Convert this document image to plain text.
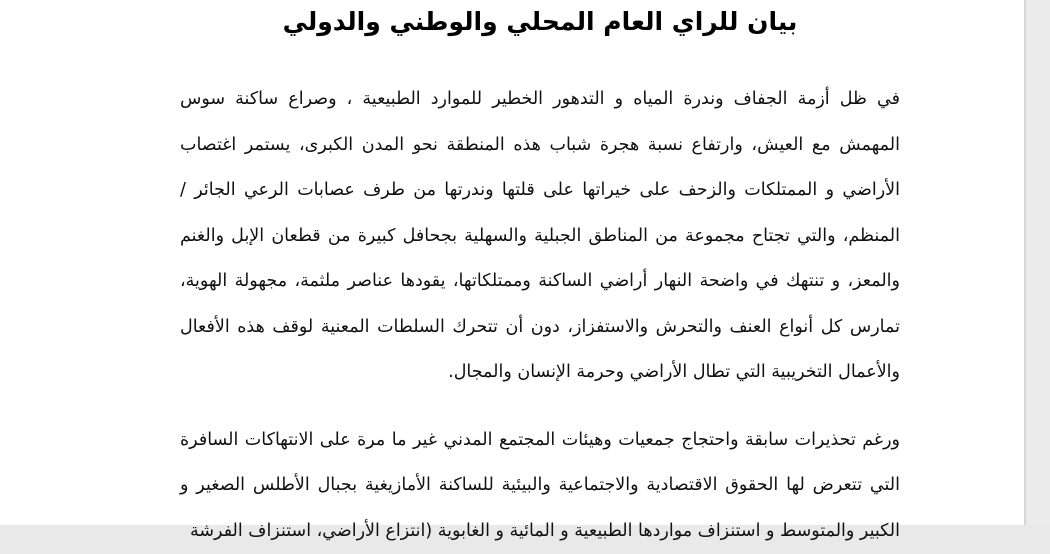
بيان للراي العام المحلي والوطني والدولي

في ظل أزمة الجفاف وندرة المياه و التدهور الخطير للموارد الطبيعية ، وصراع ساكنة سوس المهمش مع العيش، وارتفاع نسبة هجرة شباب هذه المنطقة نحو المدن الكبرى، يستمر اغتصاب الأراضي و الممتلكات والزحف على خيراتها على قلتها وندرتها من طرف عصابات الرعي الجائر / المنظم، والتي تجتاح مجموعة من المناطق الجبلية والسهلية بجحافل كبيرة من قطعان الإبل والغنم والمعز، و تنتهك في واضحة النهار أراضي الساكنة وممتلكاتها، يقودها عناصر ملثمة، مجهولة الهوية، تمارس كل أنواع العنف والتحرش والاستفزاز، دون أن تتحرك السلطات المعنية لوقف هذه الأفعال والأعمال التخريبية التي تطال الأراضي وحرمة الإنسان والمجال.

ورغم تحذيرات سابقة واحتجاج جمعيات وهيئات المجتمع المدني غير ما مرة على الانتهاكات السافرة التي تتعرض لها الحقوق الاقتصادية والاجتماعية والبيئية للساكنة الأمازيغية بجبال الأطلس الصغير و الكبير والمتوسط و استنزاف مواردها الطبيعية و المائية و الغابوية (انتزاع الأراضي، استنزاف الفرشة
